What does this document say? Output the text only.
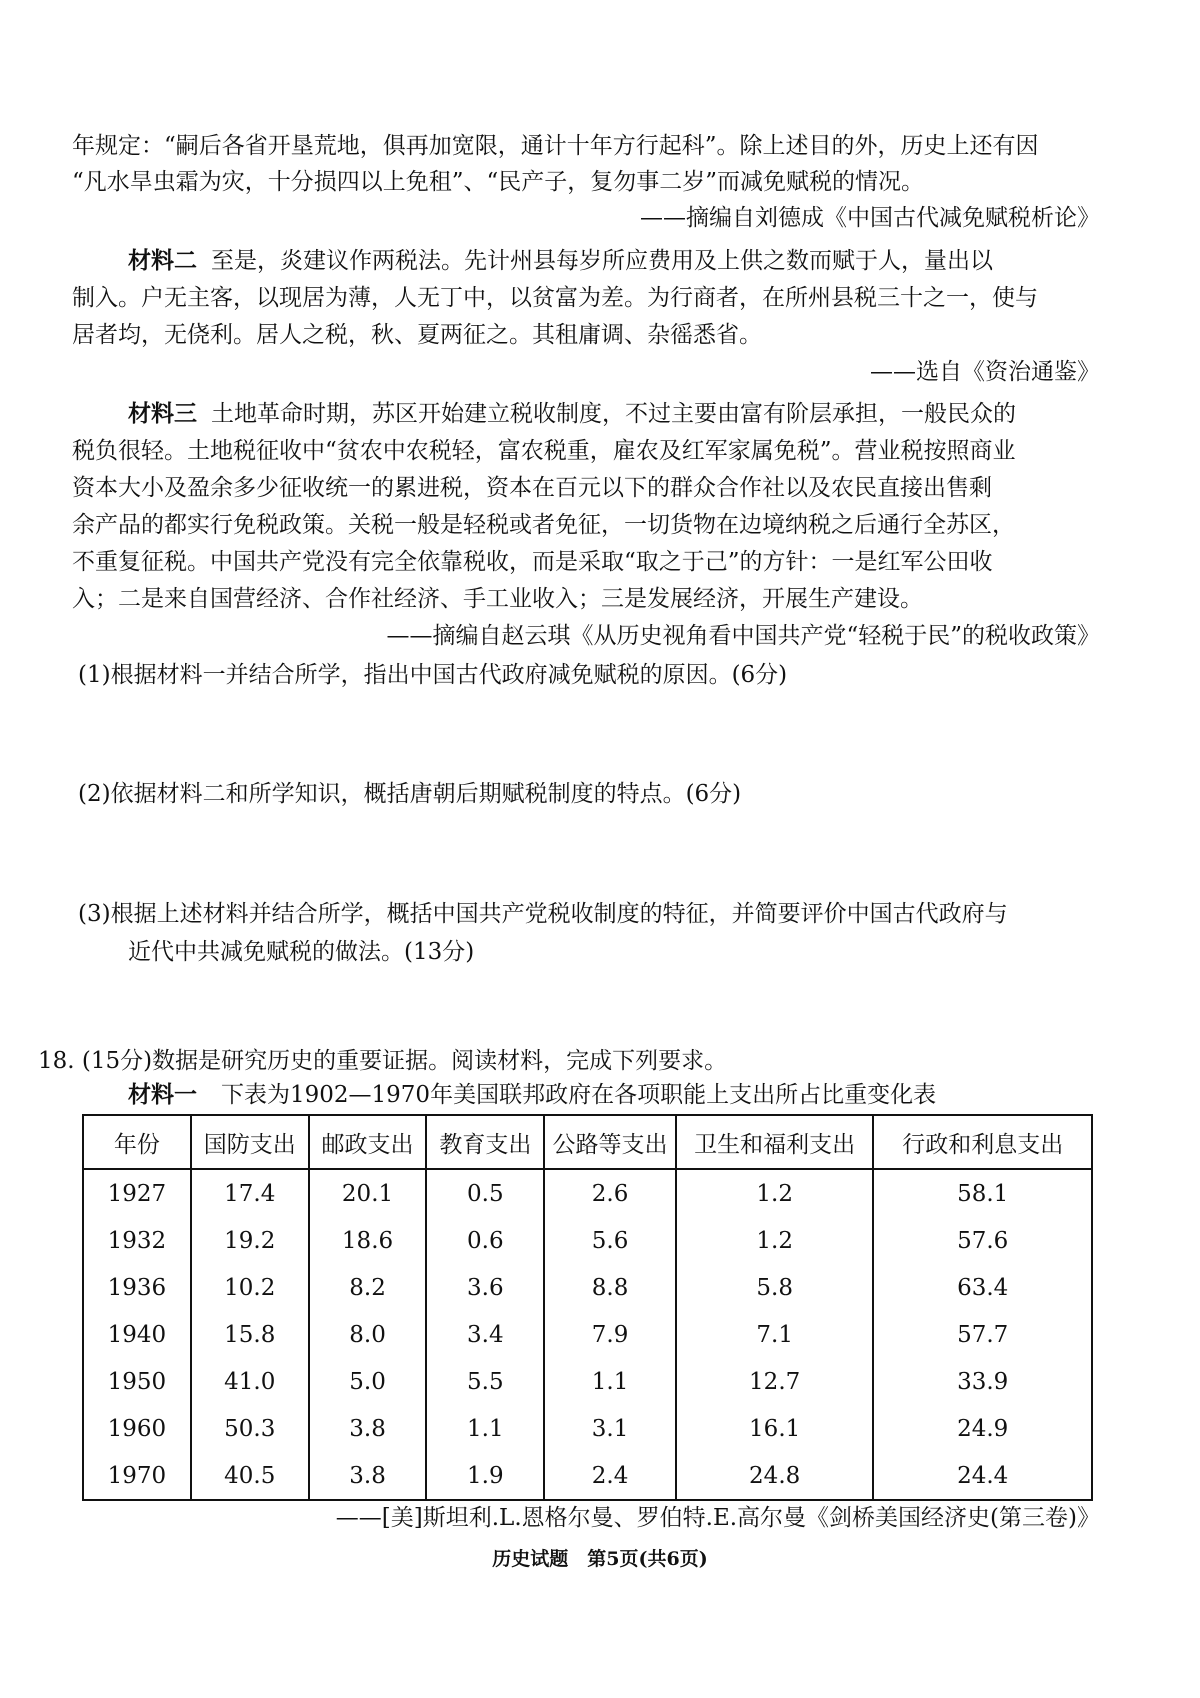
年规定：“嗣后各省开垦荒地，俱再加宽限，通计十年方行起科”。除上述目的外，历史上还有因
“凡水旱虫霜为灾，十分损四以上免租”、“民产子，复勿事二岁”而减免赋税的情况。
——摘编自刘德成《中国古代减免赋税析论》
材料二 至是，炎建议作两税法。先计州县每岁所应费用及上供之数而赋于人，量出以
制入。户无主客，以现居为薄，人无丁中，以贫富为差。为行商者，在所州县税三十之一，使与
居者均，无侥利。居人之税，秋、夏两征之。其租庸调、杂徭悉省。
——选自《资治通鉴》
材料三 土地革命时期，苏区开始建立税收制度，不过主要由富有阶层承担，一般民众的
税负很轻。土地税征收中“贫农中农税轻，富农税重，雇农及红军家属免税”。营业税按照商业
资本大小及盈余多少征收统一的累进税，资本在百元以下的群众合作社以及农民直接出售剩
余产品的都实行免税政策。关税一般是轻税或者免征，一切货物在边境纳税之后通行全苏区，
不重复征税。中国共产党没有完全依靠税收，而是采取“取之于己”的方针：一是红军公田收
入；二是来自国营经济、合作社经济、手工业收入；三是发展经济，开展生产建设。
——摘编自赵云琪《从历史视角看中国共产党“轻税于民”的税收政策》
(1)根据材料一并结合所学，指出中国古代政府减免赋税的原因。(6分)
(2)依据材料二和所学知识，概括唐朝后期赋税制度的特点。(6分)
(3)根据上述材料并结合所学，概括中国共产党税收制度的特征，并简要评价中国古代政府与
近代中共减免赋税的做法。(13分)
18. (15分)数据是研究历史的重要证据。阅读材料，完成下列要求。
材料一 下表为1902—1970年美国联邦政府在各项职能上支出所占比重变化表
年份	国防支出	邮政支出	教育支出	公路等支出	卫生和福利支出	行政和利息支出
1927	17.4	20.1	0.5	2.6	1.2	58.1
1932	19.2	18.6	0.6	5.6	1.2	57.6
1936	10.2	8.2	3.6	8.8	5.8	63.4
1940	15.8	8.0	3.4	7.9	7.1	57.7
1950	41.0	5.0	5.5	1.1	12.7	33.9
1960	50.3	3.8	1.1	3.1	16.1	24.9
1970	40.5	3.8	1.9	2.4	24.8	24.4
——[美]斯坦利.L.恩格尔曼、罗伯特.E.高尔曼《剑桥美国经济史(第三卷)》
历史试题　第5页(共6页)
